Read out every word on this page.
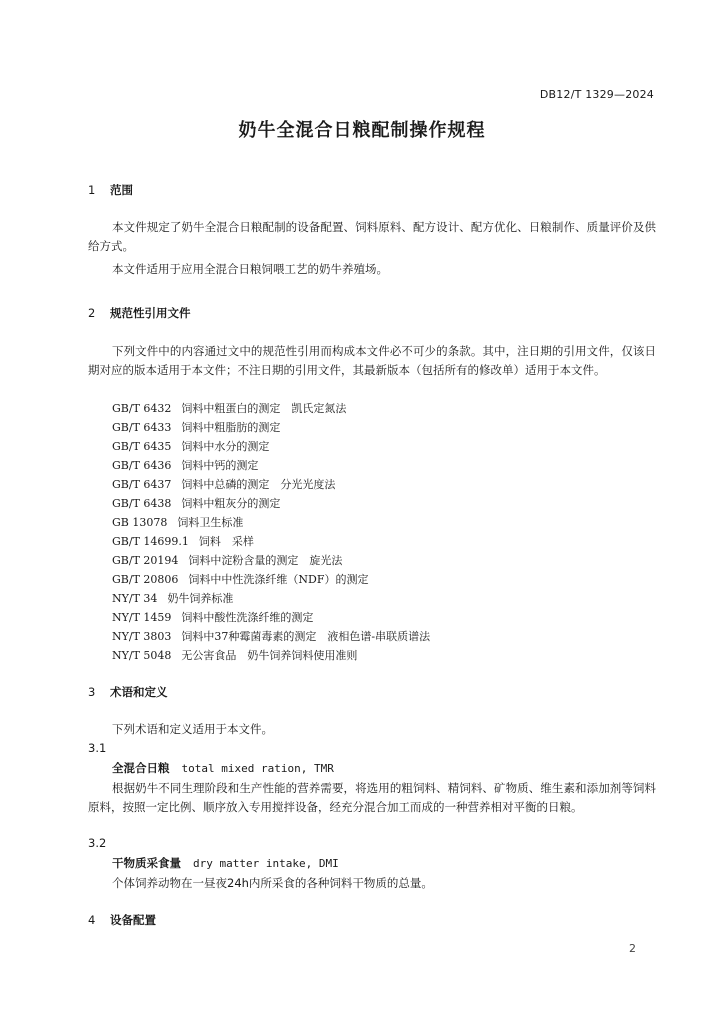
DB12/T 1329—2024
奶牛全混合日粮配制操作规程
1 范围
本文件规定了奶牛全混合日粮配制的设备配置、饲料原料、配方设计、配方优化、日粮制作、质量评价及供给方式。
本文件适用于应用全混合日粮饲喂工艺的奶牛养殖场。
2 规范性引用文件
下列文件中的内容通过文中的规范性引用而构成本文件必不可少的条款。其中，注日期的引用文件，仅该日期对应的版本适用于本文件；不注日期的引用文件，其最新版本（包括所有的修改单）适用于本文件。
GB/T 6432 饲料中粗蛋白的测定　凯氏定氮法
GB/T 6433 饲料中粗脂肪的测定
GB/T 6435 饲料中水分的测定
GB/T 6436 饲料中钙的测定
GB/T 6437 饲料中总磷的测定　分光光度法
GB/T 6438 饲料中粗灰分的测定
GB 13078 饲料卫生标准
GB/T 14699.1 饲料　采样
GB/T 20194 饲料中淀粉含量的测定　旋光法
GB/T 20806 饲料中中性洗涤纤维（NDF）的测定
NY/T 34 奶牛饲养标准
NY/T 1459 饲料中酸性洗涤纤维的测定
NY/T 3803 饲料中37种霉菌毒素的测定　液相色谱-串联质谱法
NY/T 5048 无公害食品　奶牛饲养饲料使用准则
3 术语和定义
下列术语和定义适用于本文件。
3.1
全混合日粮 total mixed ration, TMR
根据奶牛不同生理阶段和生产性能的营养需要，将选用的粗饲料、精饲料、矿物质、维生素和添加剂等饲料原料，按照一定比例、顺序放入专用搅拌设备，经充分混合加工而成的一种营养相对平衡的日粮。
3.2
干物质采食量 dry matter intake, DMI
个体饲养动物在一昼夜24h内所采食的各种饲料干物质的总量。
4 设备配置
2
